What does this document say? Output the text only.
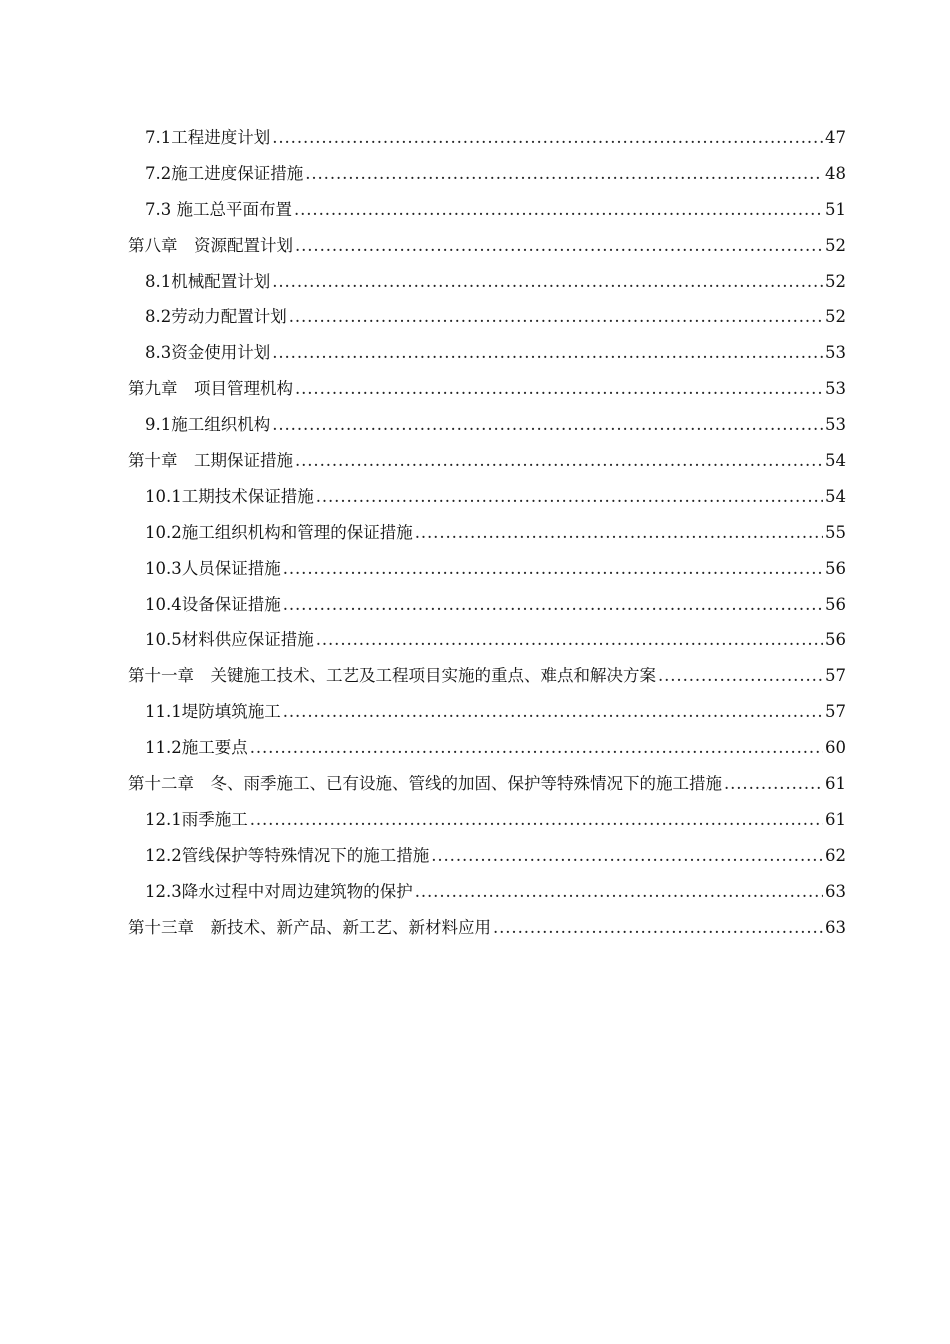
7.1工程进度计划 .....	47
7.2施工进度保证措施 .....	48
7.3 施工总平面布置 .....	51
第八章　资源配置计划 .....	52
8.1机械配置计划 .....	52
8.2劳动力配置计划 .....	52
8.3资金使用计划 .....	53
第九章　项目管理机构 .....	53
9.1施工组织机构 .....	53
第十章　工期保证措施 .....	54
10.1工期技术保证措施 .....	54
10.2施工组织机构和管理的保证措施 .....	55
10.3人员保证措施 .....	56
10.4设备保证措施 .....	56
10.5材料供应保证措施 .....	56
第十一章　关键施工技术、工艺及工程项目实施的重点、难点和解决方案 .....	57
11.1堤防填筑施工 .....	57
11.2施工要点 .....	60
第十二章　冬、雨季施工、已有设施、管线的加固、保护等特殊情况下的施工措施 .....	61
12.1雨季施工 .....	61
12.2管线保护等特殊情况下的施工措施 .....	62
12.3降水过程中对周边建筑物的保护 .....	63
第十三章　新技术、新产品、新工艺、新材料应用 .....	63
